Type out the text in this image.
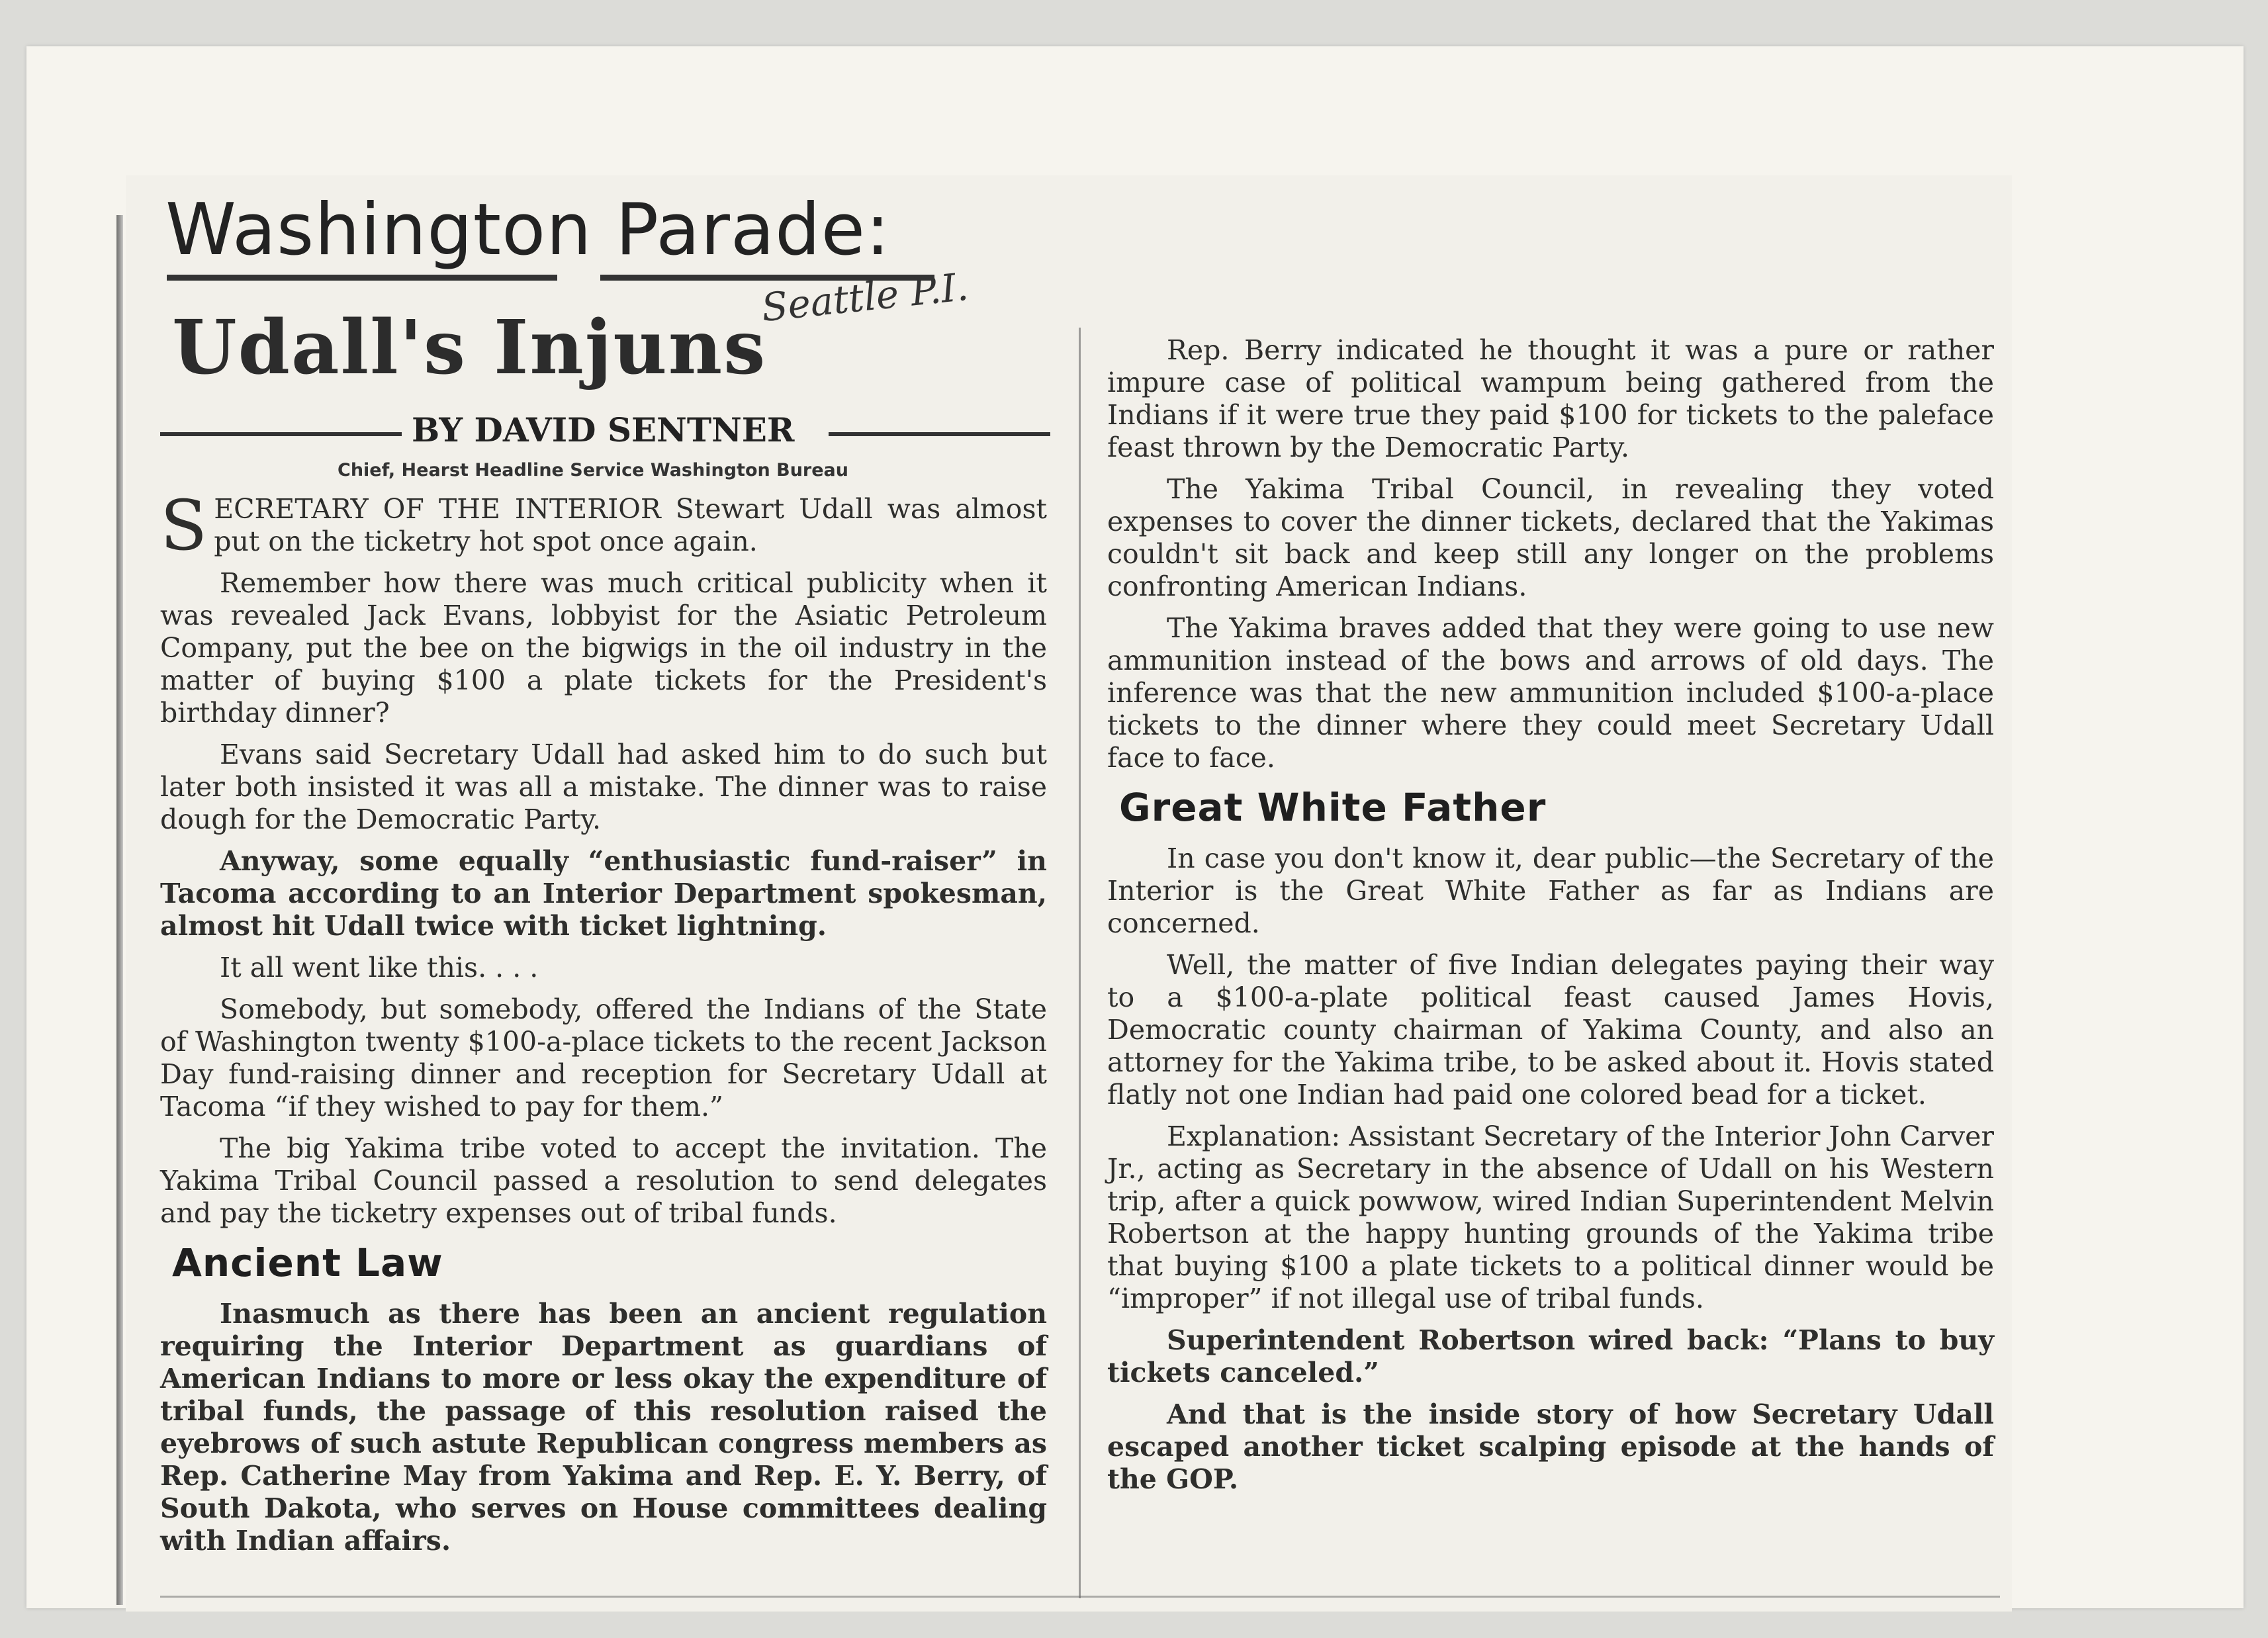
Washington Parade:
Seattle P.I.
Udall's Injuns
BY DAVID SENTNER
Chief, Hearst Headline Service Washington Bureau

SECRETARY OF THE INTERIOR Stewart Udall was almost put on the ticketry hot spot once again.

Remember how there was much critical publicity when it was revealed Jack Evans, lobbyist for the Asiatic Petroleum Company, put the bee on the bigwigs in the oil industry in the matter of buying $100 a plate tickets for the President's birthday dinner?

Evans said Secretary Udall had asked him to do such but later both insisted it was all a mistake. The dinner was to raise dough for the Democratic Party.

Anyway, some equally “enthusiastic fund-raiser” in Tacoma according to an Interior Department spokesman, almost hit Udall twice with ticket lightning.

It all went like this. . . .

Somebody, but somebody, offered the Indians of the State of Washington twenty $100-a-place tickets to the recent Jackson Day fund-raising dinner and reception for Secretary Udall at Tacoma “if they wished to pay for them.”

The big Yakima tribe voted to accept the invitation. The Yakima Tribal Council passed a resolution to send delegates and pay the ticketry expenses out of tribal funds.

Ancient Law

Inasmuch as there has been an ancient regulation requiring the Interior Department as guardians of American Indians to more or less okay the expenditure of tribal funds, the passage of this resolution raised the eyebrows of such astute Republican congress members as Rep. Catherine May from Yakima and Rep. E. Y. Berry, of South Dakota, who serves on House committees dealing with Indian affairs.

Rep. Berry indicated he thought it was a pure or rather impure case of political wampum being gathered from the Indians if it were true they paid $100 for tickets to the paleface feast thrown by the Democratic Party.

The Yakima Tribal Council, in revealing they voted expenses to cover the dinner tickets, declared that the Yakimas couldn't sit back and keep still any longer on the problems confronting American Indians.

The Yakima braves added that they were going to use new ammunition instead of the bows and arrows of old days. The inference was that the new ammunition included $100-a-place tickets to the dinner where they could meet Secretary Udall face to face.

Great White Father

In case you don't know it, dear public—the Secretary of the Interior is the Great White Father as far as Indians are concerned.

Well, the matter of five Indian delegates paying their way to a $100-a-plate political feast caused James Hovis, Democratic county chairman of Yakima County, and also an attorney for the Yakima tribe, to be asked about it. Hovis stated flatly not one Indian had paid one colored bead for a ticket.

Explanation: Assistant Secretary of the Interior John Carver Jr., acting as Secretary in the absence of Udall on his Western trip, after a quick powwow, wired Indian Superintendent Melvin Robertson at the happy hunting grounds of the Yakima tribe that buying $100 a plate tickets to a political dinner would be “improper” if not illegal use of tribal funds.

Superintendent Robertson wired back: “Plans to buy tickets canceled.”

And that is the inside story of how Secretary Udall escaped another ticket scalping episode at the hands of the GOP.
